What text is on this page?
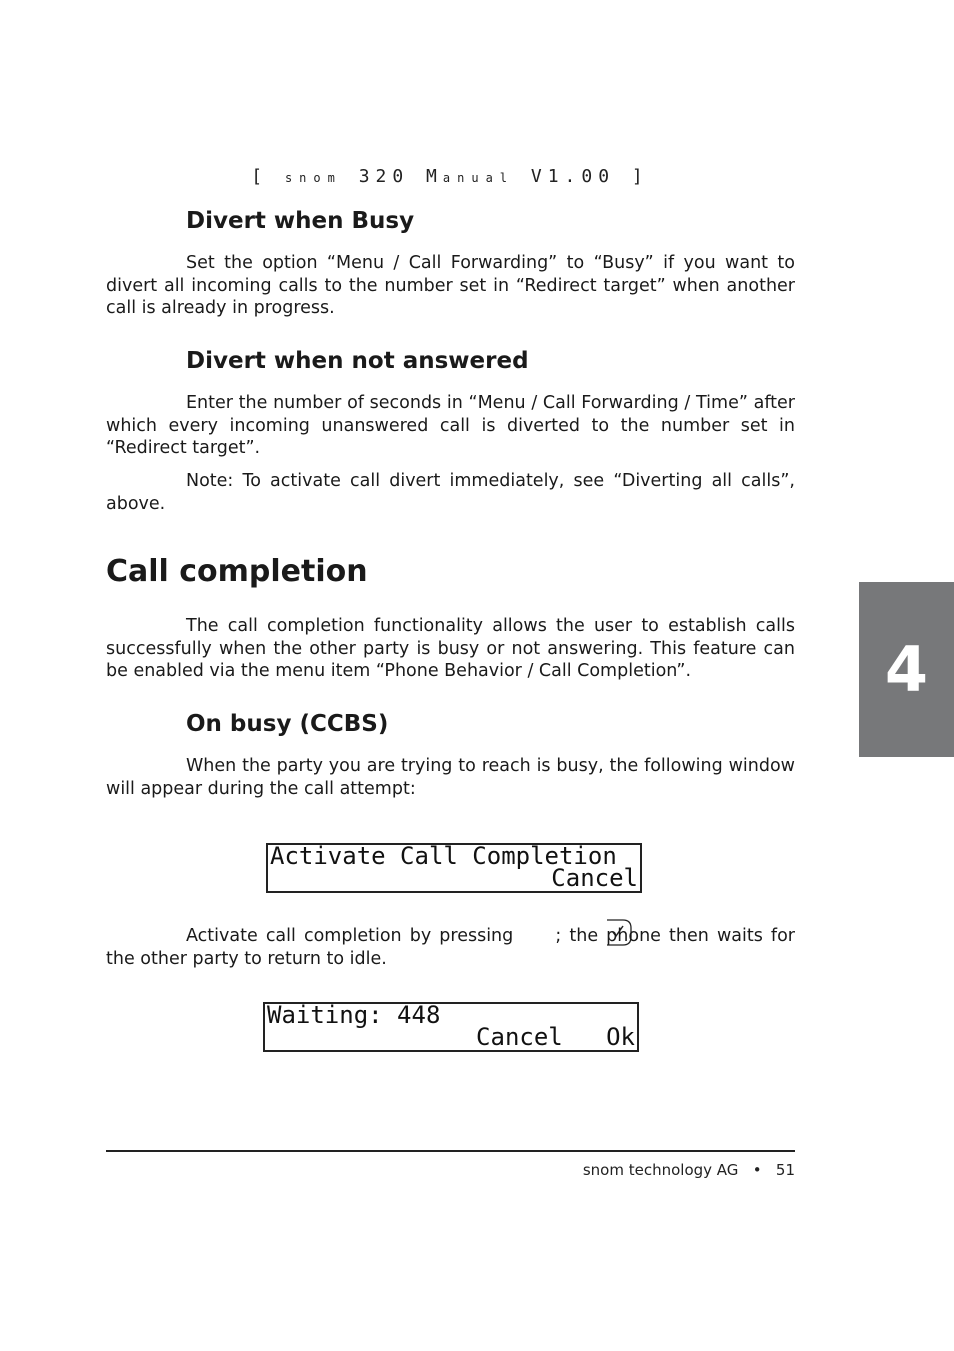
[ snom 320 Manual V1.00 ]
Divert when Busy

Set the option “Menu / Call Forwarding” to “Busy” if you want to divert all incoming calls to the number set in “Redirect target” when another call is already in progress.

Divert when not answered

Enter the number of seconds in “Menu / Call Forwarding / Time” after which every incoming unanswered call is diverted to the number set in “Redirect target”.

Note: To activate call divert immediately, see “Diverting all calls”, above.

Call completion

The call completion functionality allows the user to establish calls successfully when the other party is busy or not answering. This feature can be enabled via the menu item “Phone Behavior / Call Completion”.

On busy (CCBS)

When the party you are trying to reach is busy, the following window will appear during the call attempt:

Activate Call Completion
Cancel

Activate call completion by pressing ; the phone then waits for the other party to return to idle.

Waiting: 448
Cancel   Ok
4
snom technology AG • 51
